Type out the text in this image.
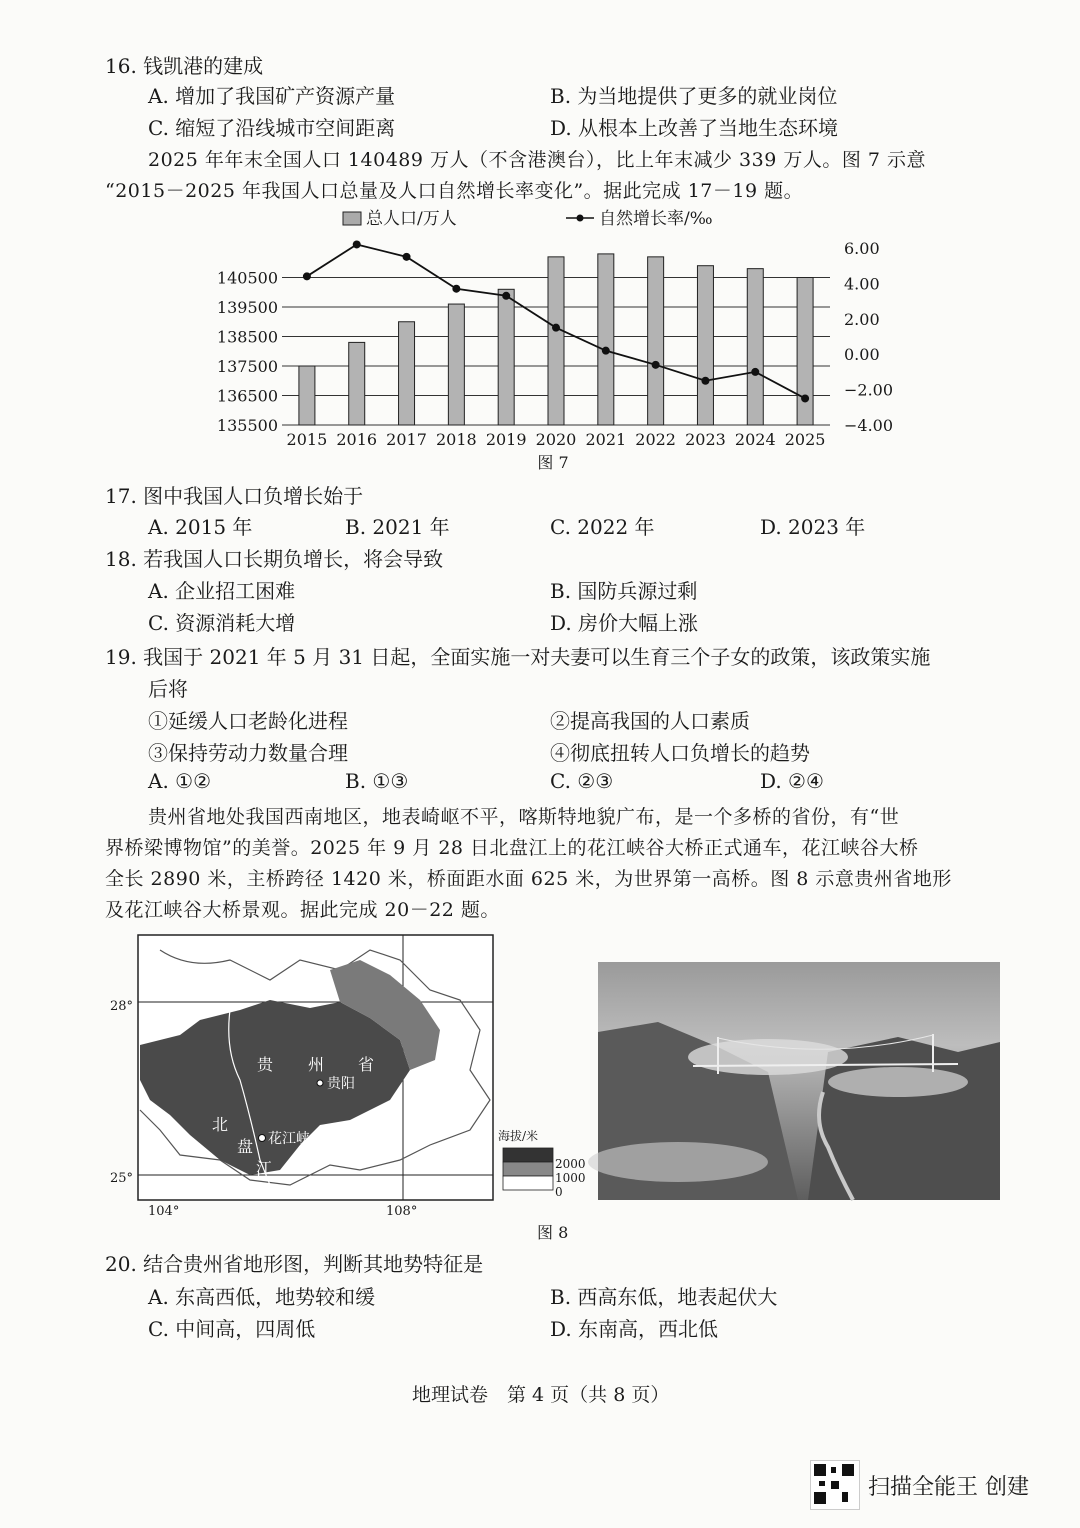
16. 钱凯港的建成
A. 增加了我国矿产资源产量	B. 为当地提供了更多的就业岗位
C. 缩短了沿线城市空间距离	D. 从根本上改善了当地生态环境
2025 年年末全国人口 140489 万人（不含港澳台），比上年末减少 339 万人。图 7 示意
“2015－2025 年我国人口总量及人口自然增长率变化”。据此完成 17－19 题。
总人口/万人	自然增长率/‰
140500
139500
138500
137500
136500
135500
6.00
4.00
2.00
0.00
−2.00
−4.00
2015 2016 2017 2018 2019 2020 2021 2022 2023 2024 2025
图 7
17. 图中我国人口负增长始于
A. 2015 年	B. 2021 年	C. 2022 年	D. 2023 年
18. 若我国人口长期负增长，将会导致
A. 企业招工困难	B. 国防兵源过剩
C. 资源消耗大增	D. 房价大幅上涨
19. 我国于 2021 年 5 月 31 日起，全面实施一对夫妻可以生育三个子女的政策，该政策实施
后将
①延缓人口老龄化进程	②提高我国的人口素质
③保持劳动力数量合理	④彻底扭转人口负增长的趋势
A. ①②	B. ①③	C. ②③	D. ②④
贵州省地处我国西南地区，地表崎岖不平，喀斯特地貌广布，是一个多桥的省份，有“世
界桥梁博物馆”的美誉。2025 年 9 月 28 日北盘江上的花江峡谷大桥正式通车，花江峡谷大桥
全长 2890 米，主桥跨径 1420 米，桥面距水面 625 米，为世界第一高桥。图 8 示意贵州省地形
及花江峡谷大桥景观。据此完成 20－22 题。
28°
25°
104°	108°
贵 州 省
贵阳
北
盘
江
花江峡谷大桥	海拔/米
2000
1000
0
图 8
20. 结合贵州省地形图，判断其地势特征是
A. 东高西低，地势较和缓	B. 西高东低，地表起伏大
C. 中间高，四周低	D. 东南高，西北低
地理试卷　第 4 页（共 8 页）
扫描全能王 创建
